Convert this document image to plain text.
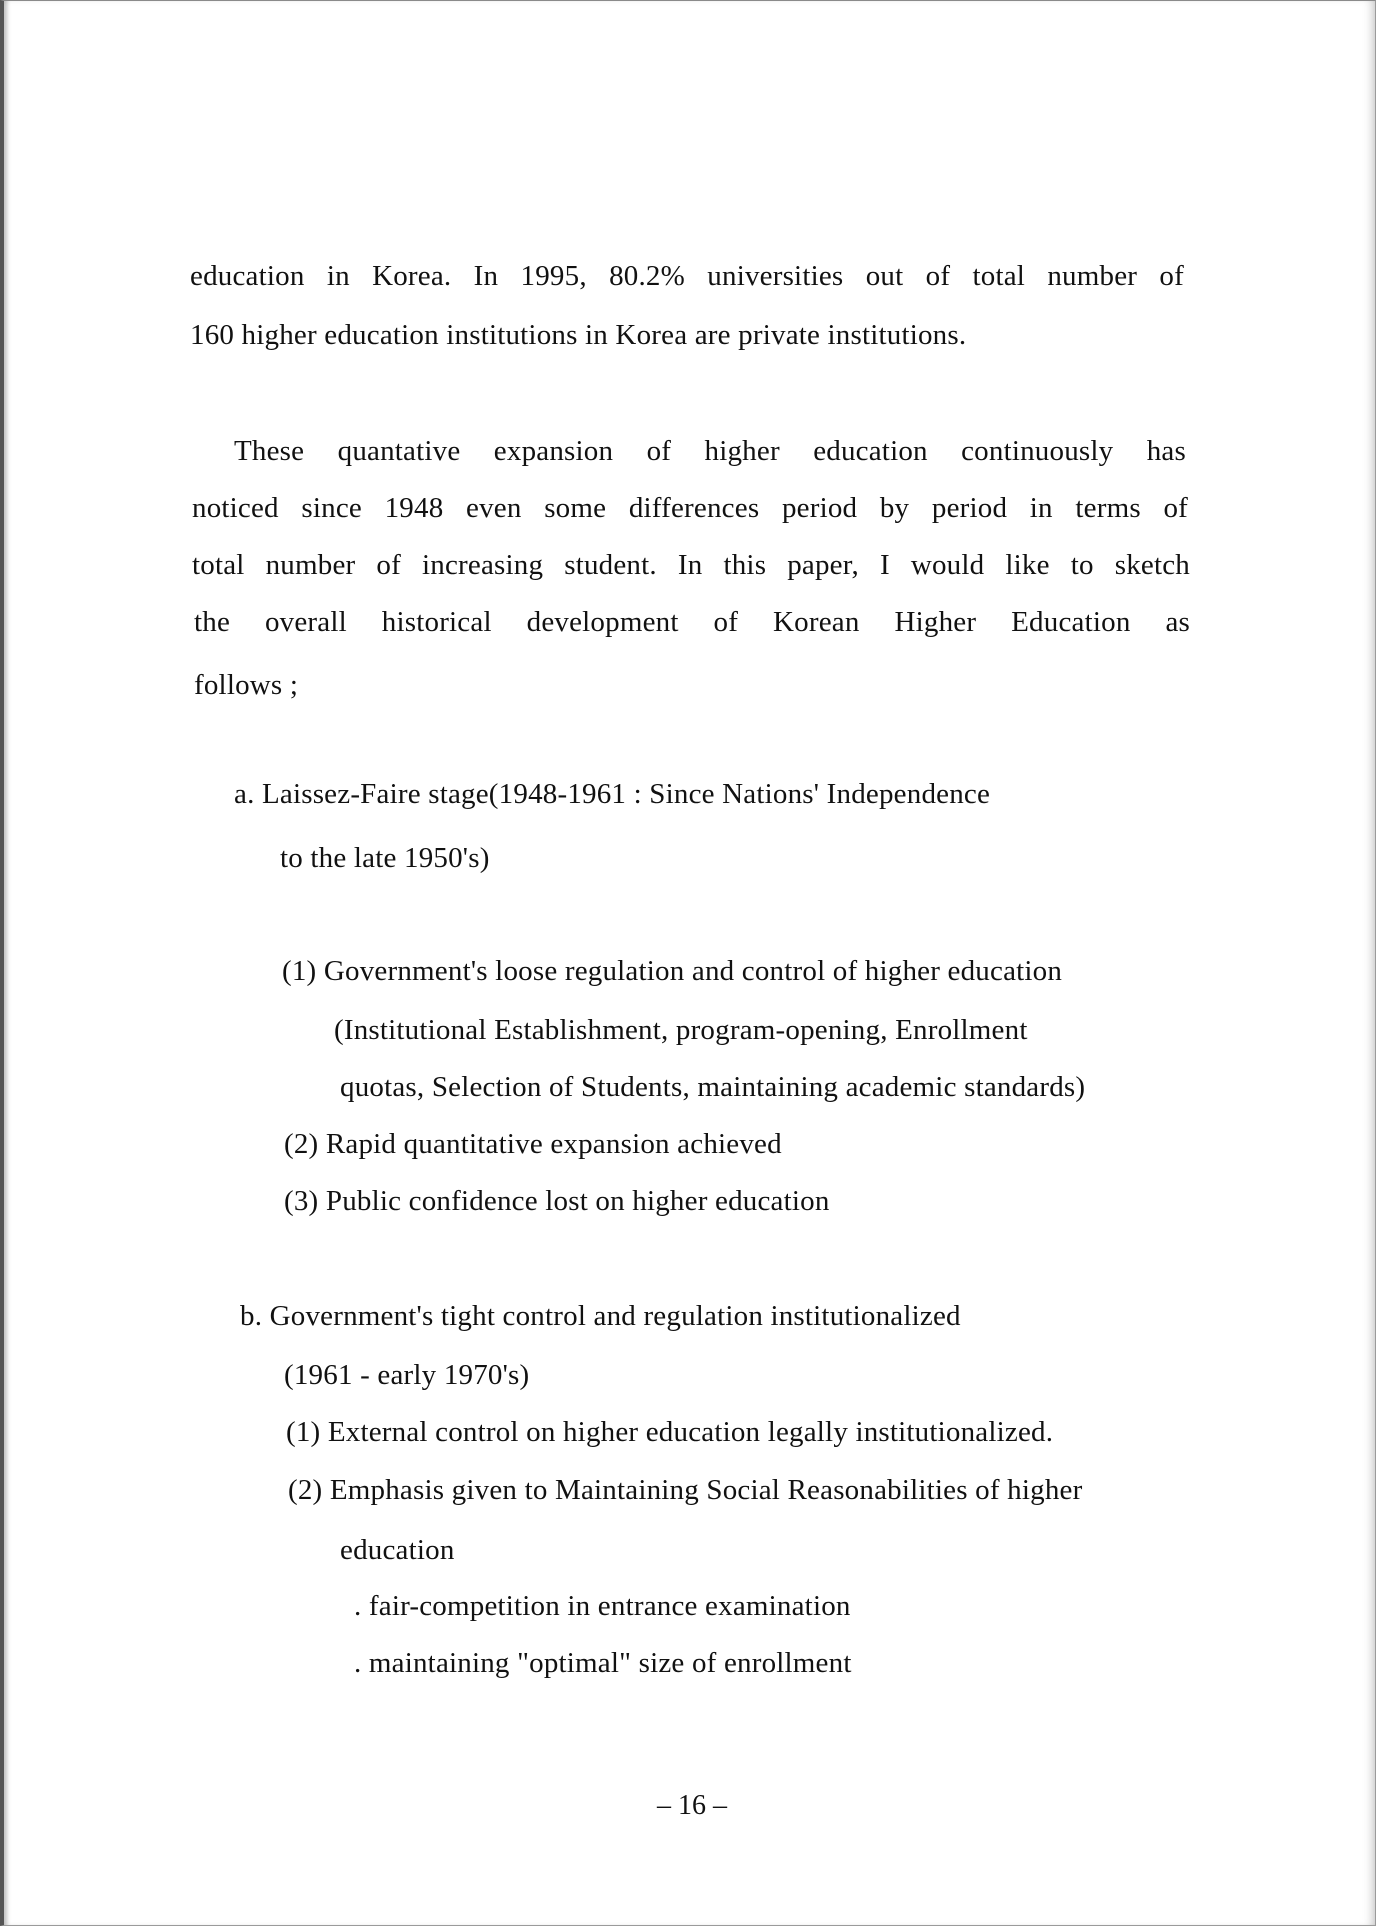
education in Korea. In 1995, 80.2% universities out of total number of
160 higher education institutions in Korea are private institutions.
These quantative expansion of higher education continuously has
noticed since 1948 even some differences period by period in terms of
total number of increasing student. In this paper, I would like to sketch
the overall historical development of Korean Higher Education as
follows ;
a. Laissez-Faire stage(1948-1961 : Since Nations' Independence
to the late 1950's)
(1) Government's loose regulation and control of higher education
(Institutional Establishment, program-opening, Enrollment
quotas, Selection of Students, maintaining academic standards)
(2) Rapid quantitative expansion achieved
(3) Public confidence lost on higher education
b. Government's tight control and regulation institutionalized
(1961 - early 1970's)
(1) External control on higher education legally institutionalized.
(2) Emphasis given to Maintaining Social Reasonabilities of higher
education
. fair-competition in entrance examination
. maintaining "optimal" size of enrollment
– 16 –
